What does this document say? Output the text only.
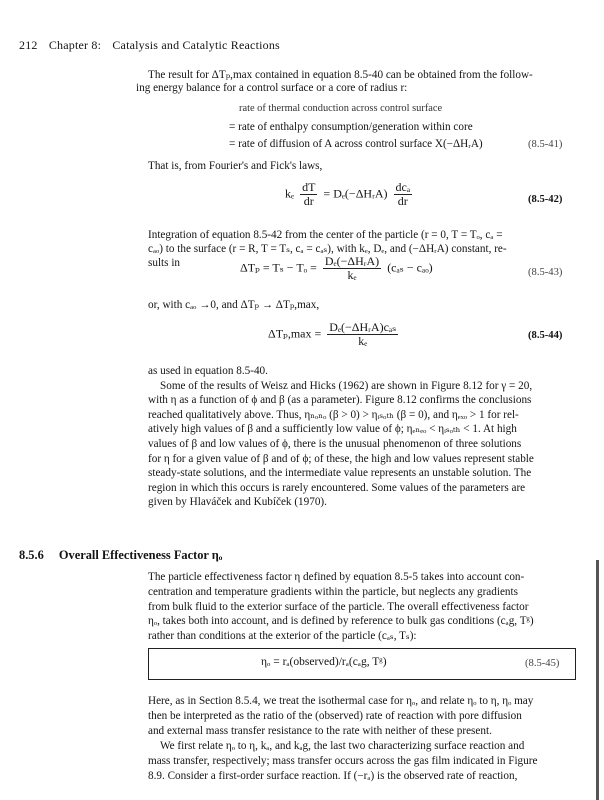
212 Chapter 8: Catalysis and Catalytic Reactions
The result for ΔTₚ,max contained in equation 8.5-40 can be obtained from the follow-
ing energy balance for a control surface or a core of radius r:
rate of thermal conduction across control surface
= rate of enthalpy consumption/generation within core
= rate of diffusion of A across control surface X(−ΔHᵣA)	(8.5-41)
That is, from Fourier's and Fick's laws,
kₑ $\frac{dT}{dr}$ = Dₑ(−ΔHᵣA) $\frac{\text{dcₐ}}{dr}$	(8.5-42)
Integration of equation 8.5-42 from the center of the particle (r = 0, T = Tₒ, cₐ =
cₐₒ) to the surface (r = R, T = Tₛ, cₐ = cₐₛ), with kₑ, Dₑ, and (−ΔHᵣA) constant, re-
sults in	$\Delta T_p = T_s - T_o = \frac{\text{Dₑ(−ΔHᵣA)}}{\text{kₑ}} (c_{as} - c_{ao})$	(8.5-43)
or, with cₐₒ →0, and ΔTₚ → ΔTₚ,max,
$\Delta T_p,\max = \frac{\text{Dₑ(−ΔHᵣA)cₐₛ}}{\text{kₑ}}$	(8.5-44)
as used in equation 8.5-40.
Some of the results of Weisz and Hicks (1962) are shown in Figure 8.12 for γ = 20,
with η as a function of ϕ and β (as a parameter). Figure 8.12 confirms the conclusions
reached qualitatively above. Thus, ηₙₒₙₒ (β > 0) > ηᵢₛₒₜₕ (β = 0), and ηₑₓₒ > 1 for rel-
atively high values of β and a sufficiently low value of ϕ; ηₑₙₑₒ < ηᵢₛₒₜₕ < 1. At high
values of β and low values of ϕ, there is the unusual phenomenon of three solutions
for η for a given value of β and of ϕ; of these, the high and low values represent stable
steady-state solutions, and the intermediate value represents an unstable solution. The
region in which this occurs is rarely encountered. Some values of the parameters are
given by Hlaváček and Kubíček (1970).
8.5.6 Overall Effectiveness Factor ηₒ
The particle effectiveness factor η defined by equation 8.5-5 takes into account con-
centration and temperature gradients within the particle, but neglects any gradients
from bulk fluid to the exterior surface of the particle. The overall effectiveness factor
ηₒ, takes both into account, and is defined by reference to bulk gas conditions (cₐg, Tᵍ)
rather than conditions at the exterior of the particle (cₐₛ, Tₛ):
ηₒ = rₐ(observed)/rₐ(cₐg, Tᵍ)	(8.5-45)
Here, as in Section 8.5.4, we treat the isothermal case for ηₒ, and relate ηₒ to η, ηₒ may
then be interpreted as the ratio of the (observed) rate of reaction with pore diffusion
and external mass transfer resistance to the rate with neither of these present.
We first relate ηₒ to η, kₐ, and kₐg, the last two characterizing surface reaction and
mass transfer, respectively; mass transfer occurs across the gas film indicated in Figure
8.9. Consider a first-order surface reaction. If (−rₐ) is the observed rate of reaction,
